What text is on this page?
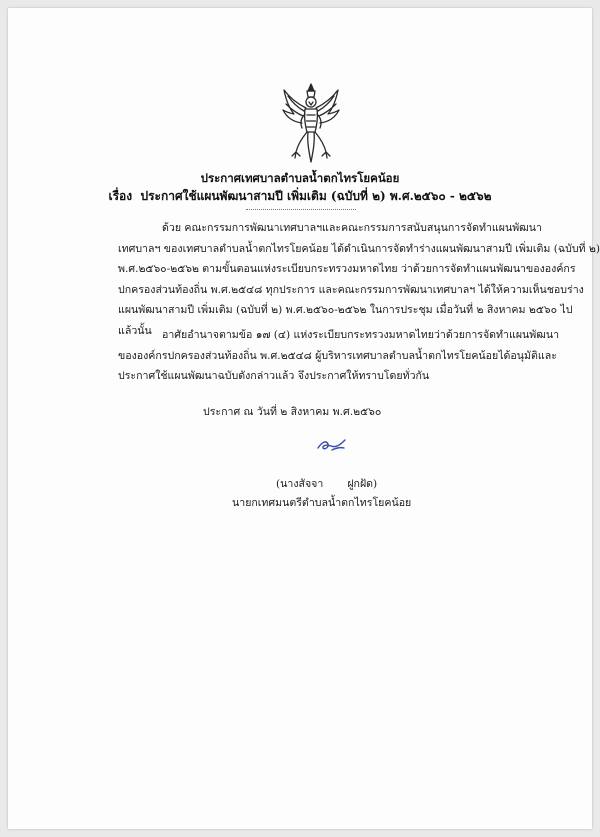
ประกาศเทศบาลตำบลน้ำตกไทรโยคน้อย
เรื่อง ประกาศใช้แผนพัฒนาสามปี เพิ่มเติม (ฉบับที่ ๒) พ.ศ.๒๕๖๐ - ๒๕๖๒
ด้วย คณะกรรมการพัฒนาเทศบาลฯและคณะกรรมการสนับสนุนการจัดทำแผนพัฒนา
เทศบาลฯ ของเทศบาลตำบลน้ำตกไทรโยคน้อย ได้ดำเนินการจัดทำร่างแผนพัฒนาสามปี เพิ่มเติม (ฉบับที่ ๒)
พ.ศ.๒๕๖๐-๒๕๖๒ ตามขั้นตอนแห่งระเบียบกระทรวงมหาดไทย ว่าด้วยการจัดทำแผนพัฒนาขององค์กร
ปกครองส่วนท้องถิ่น พ.ศ.๒๕๔๘ ทุกประการ และคณะกรรมการพัฒนาเทศบาลฯ ได้ให้ความเห็นชอบร่าง
แผนพัฒนาสามปี เพิ่มเติม (ฉบับที่ ๒) พ.ศ.๒๕๖๐-๒๕๖๒ ในการประชุม เมื่อวันที่ ๒ สิงหาคม ๒๕๖๐ ไป
แล้วนั้น อาศัยอำนาจตามข้อ ๑๗ (๔) แห่งระเบียบกระทรวงมหาดไทยว่าด้วยการจัดทำแผนพัฒนา
ขององค์กรปกครองส่วนท้องถิ่น พ.ศ.๒๕๔๘ ผู้บริหารเทศบาลตำบลน้ำตกไทรโยคน้อยได้อนุมัติและ
ประกาศใช้แผนพัฒนาฉบับดังกล่าวแล้ว จึงประกาศให้ทราบโดยทั่วกัน
ประกาศ ณ วันที่ ๒ สิงหาคม พ.ศ.๒๕๖๐
(นางสัจจา ฝูกฝัด)
นายกเทศมนตรีตำบลน้ำตกไทรโยคน้อย
